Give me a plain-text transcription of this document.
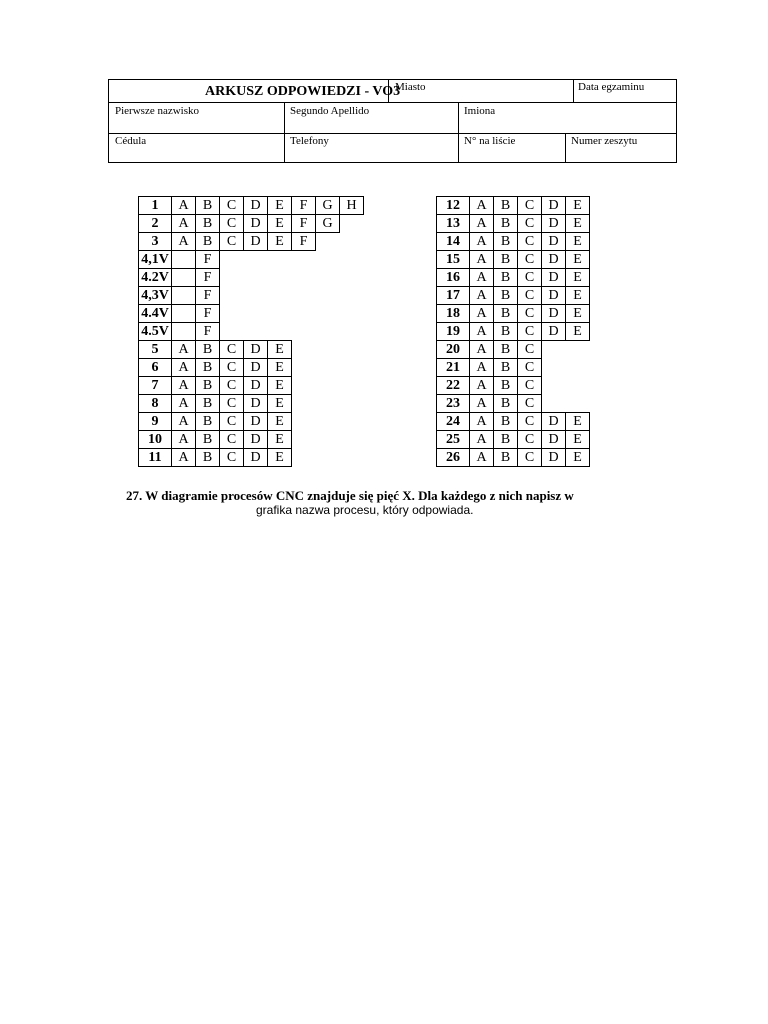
ARKUSZ ODPOWIEDZI - VO3
Miasto	Data egzaminu
Pierwsze nazwisko	Segundo Apellido	Imiona
Cédula	Telefony	N° na liście	Numer zeszytu
1	A	B	C	D	E	F	G	H
2	A	B	C	D	E	F	G	
3	A	B	C	D	E	F		
4,1V		F						
4.2V		F						
4,3V		F						
4.4V		F						
4.5V		F						
5	A	B	C	D	E			
6	A	B	C	D	E			
7	A	B	C	D	E			
8	A	B	C	D	E			
9	A	B	C	D	E			
10	A	B	C	D	E			
11	A	B	C	D	E			
12	A	B	C	D	E
13	A	B	C	D	E
14	A	B	C	D	E
15	A	B	C	D	E
16	A	B	C	D	E
17	A	B	C	D	E
18	A	B	C	D	E
19	A	B	C	D	E
20	A	B	C		
21	A	B	C		
22	A	B	C		
23	A	B	C		
24	A	B	C	D	E
25	A	B	C	D	E
26	A	B	C	D	E
27. W diagramie procesów CNC znajduje się pięć X. Dla każdego z nich napisz w
grafika nazwa procesu, który odpowiada.
